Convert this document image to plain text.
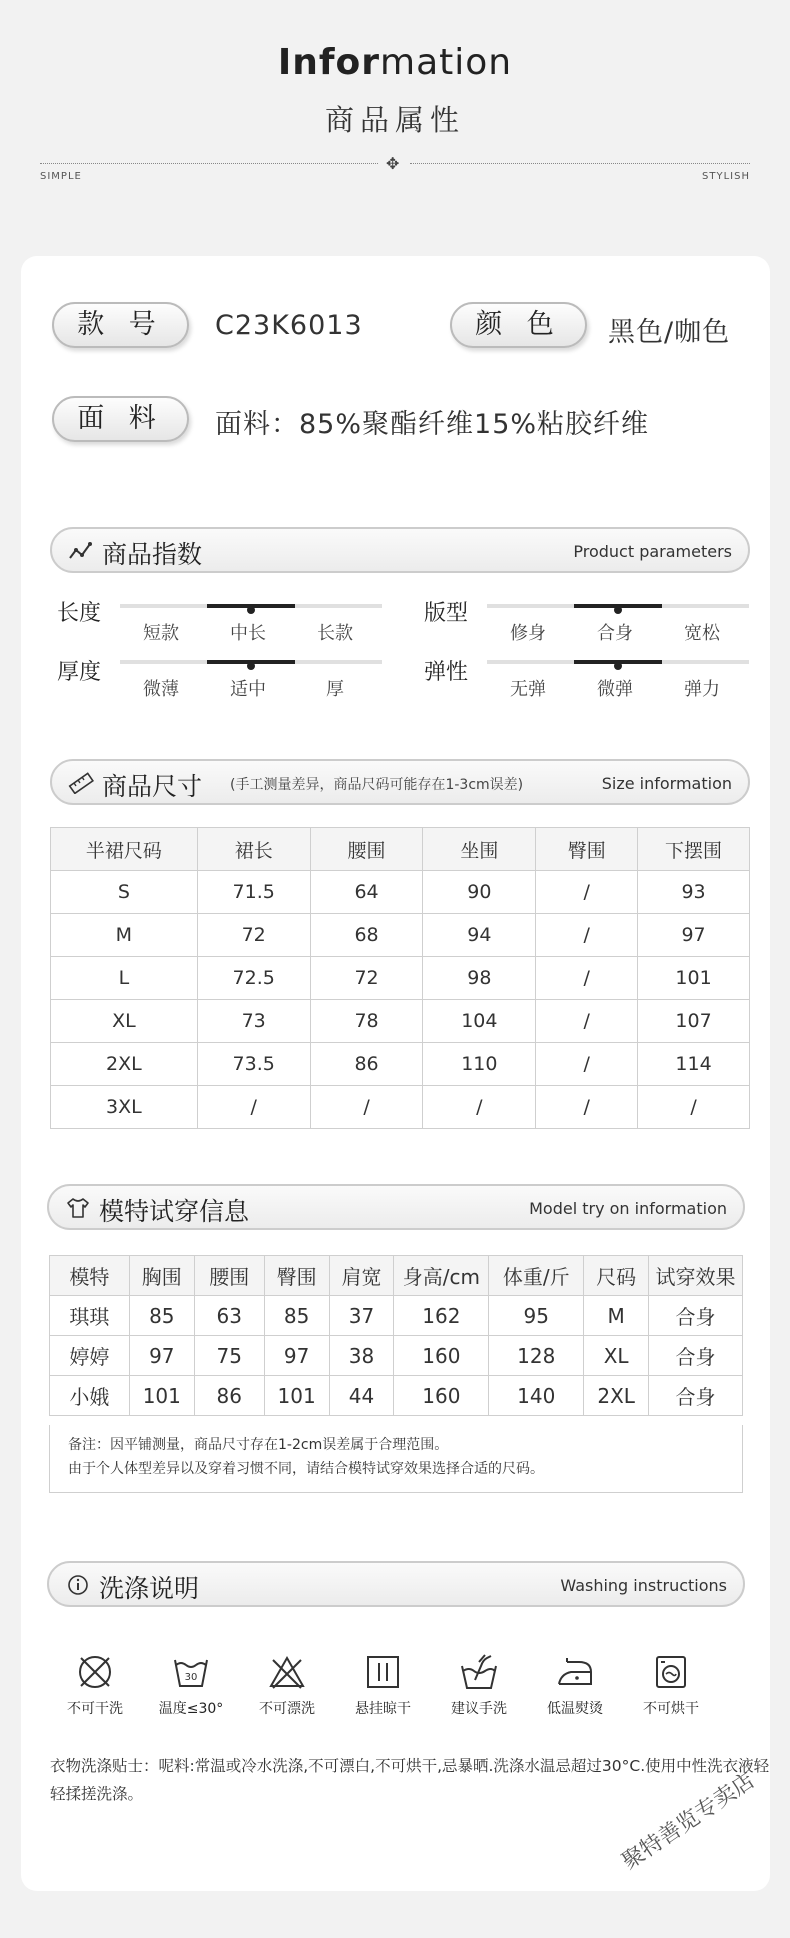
Information
商品属性
✥
SIMPLE	STYLISH
款 号	C23K6013	颜 色	黑色/咖色
面 料	面料：85%聚酯纤维15%粘胶纤维
商品指数	Product parameters
长度
短款	中长	长款
版型
修身	合身	宽松
厚度
微薄	适中	厚
弹性
无弹	微弹	弹力
商品尺寸 (手工测量差异，商品尺码可能存在1-3cm误差)	Size information
半裙尺码	裙长	腰围	坐围	臀围	下摆围
S	71.5	64	90	/	93
M	72	68	94	/	97
L	72.5	72	98	/	101
XL	73	78	104	/	107
2XL	73.5	86	110	/	114
3XL	/	/	/	/	/
模特试穿信息	Model try on information
模特	胸围	腰围	臀围	肩宽	身高/cm	体重/斤	尺码	试穿效果
琪琪	85	63	85	37	162	95	M	合身
婷婷	97	75	97	38	160	128	XL	合身
小娥	101	86	101	44	160	140	2XL	合身
备注：因平铺测量，商品尺寸存在1-2cm误差属于合理范围。
由于个人体型差异以及穿着习惯不同，请结合模特试穿效果选择合适的尺码。
洗涤说明	Washing instructions
不可干洗
30
温度≤30°	不可漂洗	悬挂晾干	建议手洗	低温熨烫	不可烘干
衣物洗涤贴士：呢料:常温或冷水洗涤,不可漂白,不可烘干,忌暴晒.洗涤水温忌超过30°C.使用中性洗衣液轻轻揉搓洗涤。	聚特善览专卖店
